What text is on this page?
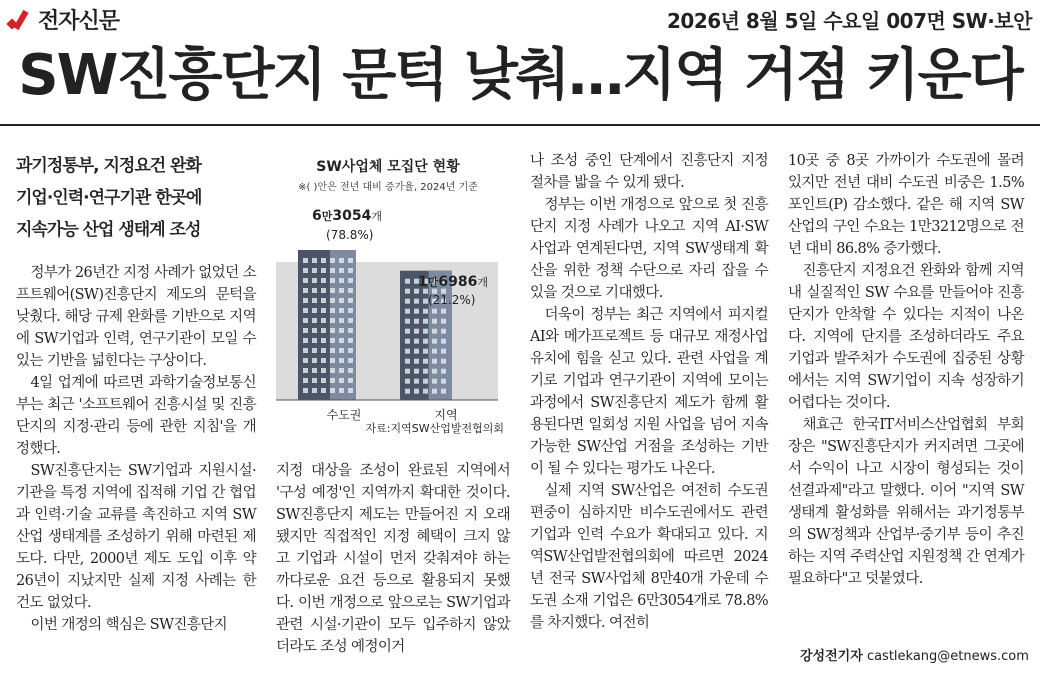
전자신문	2026년 8월 5일 수요일 007면 SW·보안
SW진흥단지 문턱 낮춰…지역 거점 키운다
과기정통부, 지정요건 완화
기업·인력·연구기관 한곳에
지속가능 산업 생태계 조성

정부가 26년간 지정 사례가 없었던 소프트웨어(SW)진흥단지 제도의 문턱을 낮췄다. 해당 규제 완화를 기반으로 지역에 SW기업과 인력, 연구기관이 모일 수 있는 기반을 넓힌다는 구상이다.

4일 업계에 따르면 과학기술정보통신부는 최근 '소프트웨어 진흥시설 및 진흥단지의 지정·관리 등에 관한 지침'을 개정했다.

SW진흥단지는 SW기업과 지원시설·기관을 특정 지역에 집적해 기업 간 협업과 인력·기술 교류를 촉진하고 지역 SW산업 생태계를 조성하기 위해 마련된 제도다. 다만, 2000년 제도 도입 이후 약 26년이 지났지만 실제 지정 사례는 한 건도 없었다.

이번 개정의 핵심은 SW진흥단지

SW사업체 모집단 현황
※( )안은 전년 대비 증가율, 2024년 기준
6만3054개
(78.8%)
1만6986개
(21.2%)
수도권	지역
자료:지역SW산업발전협의회

지정 대상을 조성이 완료된 지역에서 '구성 예정'인 지역까지 확대한 것이다. SW진흥단지 제도는 만들어진 지 오래됐지만 직접적인 지정 혜택이 크지 않고 기업과 시설이 먼저 갖춰져야 하는 까다로운 요건 등으로 활용되지 못했다. 이번 개정으로 앞으로는 SW기업과 관련 시설·기관이 모두 입주하지 않았더라도 조성 예정이거

나 조성 중인 단계에서 진흥단지 지정 절차를 밟을 수 있게 됐다.

정부는 이번 개정으로 앞으로 첫 진흥단지 지정 사례가 나오고 지역 AI·SW 사업과 연계된다면, 지역 SW생태계 확산을 위한 정책 수단으로 자리 잡을 수 있을 것으로 기대했다.

더욱이 정부는 최근 지역에서 피지컬 AI와 메가프로젝트 등 대규모 재정사업 유치에 힘을 싣고 있다. 관련 사업을 계기로 기업과 연구기관이 지역에 모이는 과정에서 SW진흥단지 제도가 함께 활용된다면 일회성 지원 사업을 넘어 지속 가능한 SW산업 거점을 조성하는 기반이 될 수 있다는 평가도 나온다.

실제 지역 SW산업은 여전히 수도권 편중이 심하지만 비수도권에서도 관련 기업과 인력 수요가 확대되고 있다. 지역SW산업발전협의회에 따르면 2024년 전국 SW사업체 8만40개 가운데 수도권 소재 기업은 6만3054개로 78.8%를 차지했다. 여전히

10곳 중 8곳 가까이가 수도권에 몰려 있지만 전년 대비 수도권 비중은 1.5%포인트(P) 감소했다. 같은 해 지역 SW산업의 구인 수요는 1만3212명으로 전년 대비 86.8% 증가했다.

진흥단지 지정요건 완화와 함께 지역 내 실질적인 SW 수요를 만들어야 진흥단지가 안착할 수 있다는 지적이 나온다. 지역에 단지를 조성하더라도 주요 기업과 발주처가 수도권에 집중된 상황에서는 지역 SW기업이 지속 성장하기 어렵다는 것이다.

채효근 한국IT서비스산업협회 부회장은 "SW진흥단지가 커지려면 그곳에서 수익이 나고 시장이 형성되는 것이 선결과제"라고 말했다. 이어 "지역 SW생태계 활성화를 위해서는 과기정통부의 SW정책과 산업부·중기부 등이 추진하는 지역 주력산업 지원정책 간 연계가 필요하다"고 덧붙였다.

강성전기자 castlekang@etnews.com
